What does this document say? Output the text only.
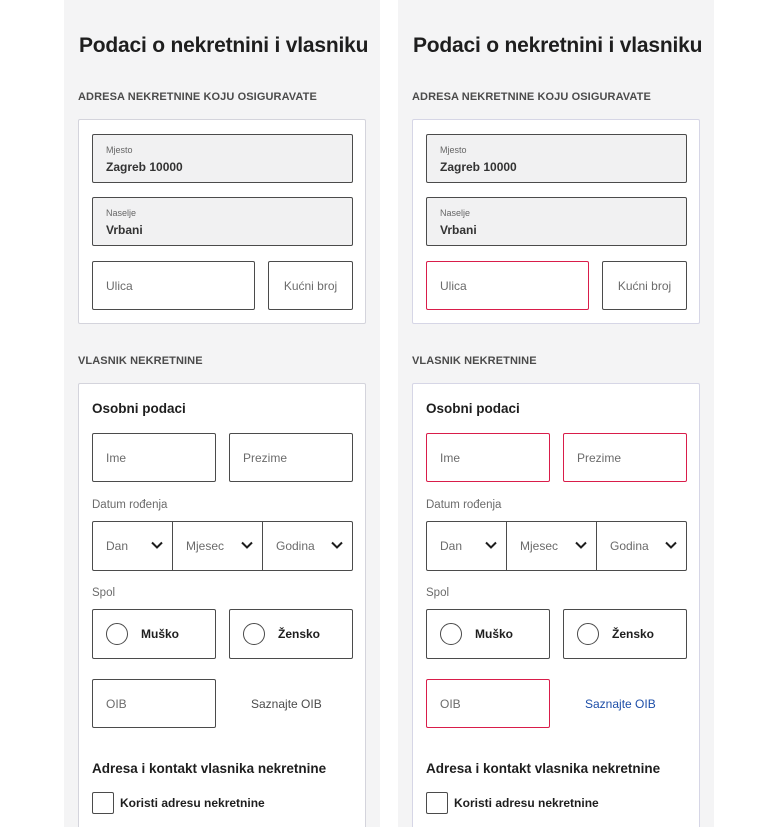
Podaci o nekretnini i vlasniku
ADRESA NEKRETNINE KOJU OSIGURAVATE
Mjesto
Zagreb 10000
Naselje
Vrbani
Ulica	Kućni broj
VLASNIK NEKRETNINE
Osobni podaci
Ime	Prezime
Datum rođenja
Dan	Mjesec	Godina
Spol
Muško	Žensko
OIB	Saznajte OIB
Adresa i kontakt vlasnika nekretnine
Koristi adresu nekretnine
Podaci o nekretnini i vlasniku
ADRESA NEKRETNINE KOJU OSIGURAVATE
Mjesto
Zagreb 10000
Naselje
Vrbani
Ulica	Kućni broj
VLASNIK NEKRETNINE
Osobni podaci
Ime	Prezime
Datum rođenja
Dan	Mjesec	Godina
Spol
Muško	Žensko
OIB	Saznajte OIB
Adresa i kontakt vlasnika nekretnine
Koristi adresu nekretnine
